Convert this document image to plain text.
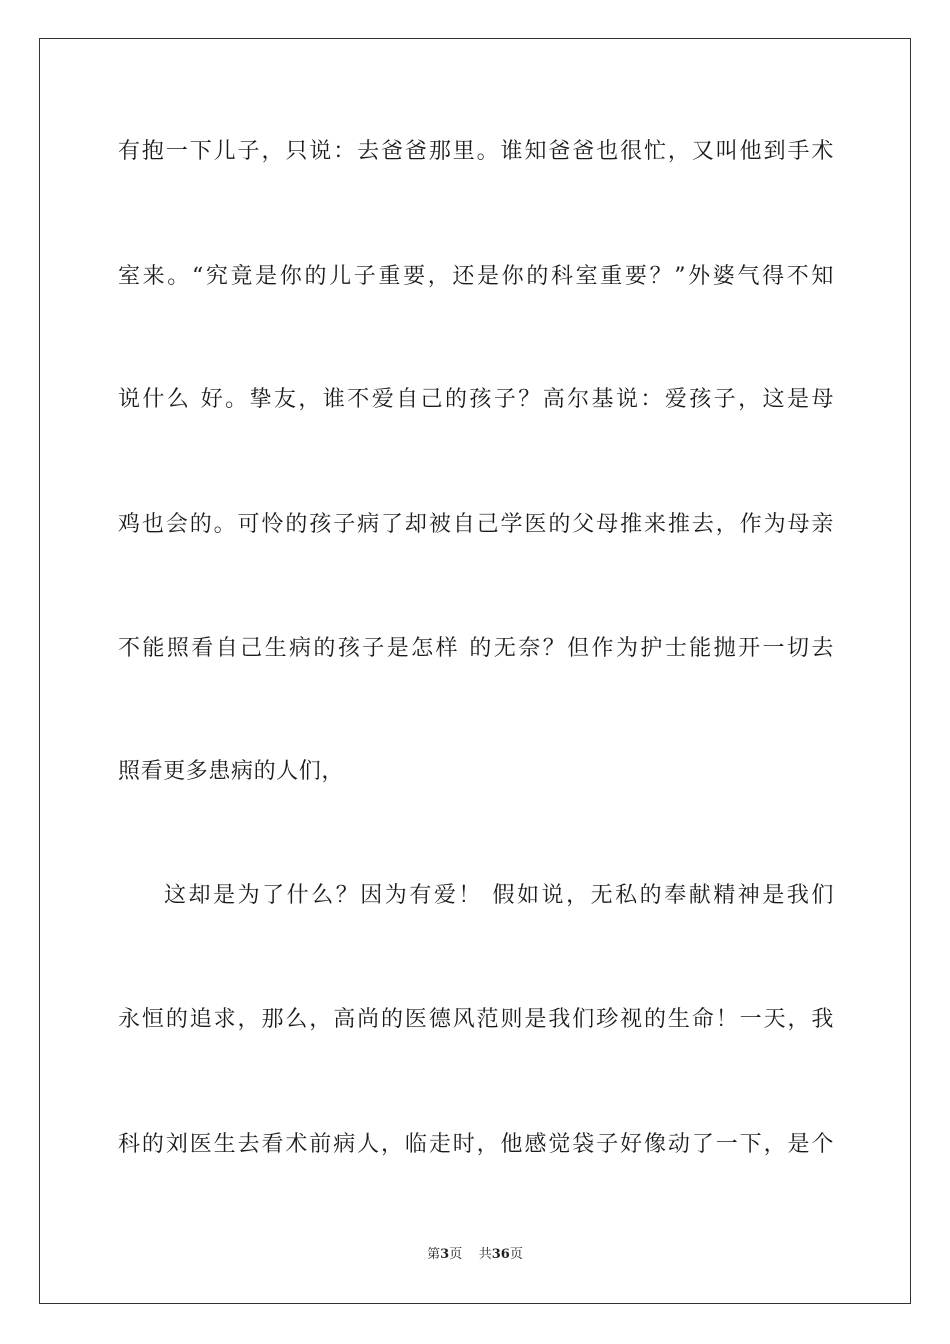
有抱一下儿子，只说：去爸爸那里。谁知爸爸也很忙，又叫他到手术
室来。“究竟是你的儿子重要，还是你的科室重要？”外婆气得不知
说什么 好。挚友，谁不爱自己的孩子？高尔基说：爱孩子，这是母
鸡也会的。可怜的孩子病了却被自己学医的父母推来推去，作为母亲
不能照看自己生病的孩子是怎样 的无奈？但作为护士能抛开一切去
照看更多患病的人们，
这却是为了什么？因为有爱！ 假如说，无私的奉献精神是我们
永恒的追求，那么，高尚的医德风范则是我们珍视的生命！一天，我
科的刘医生去看术前病人，临走时，他感觉袋子好像动了一下，是个
第3页 共36页
